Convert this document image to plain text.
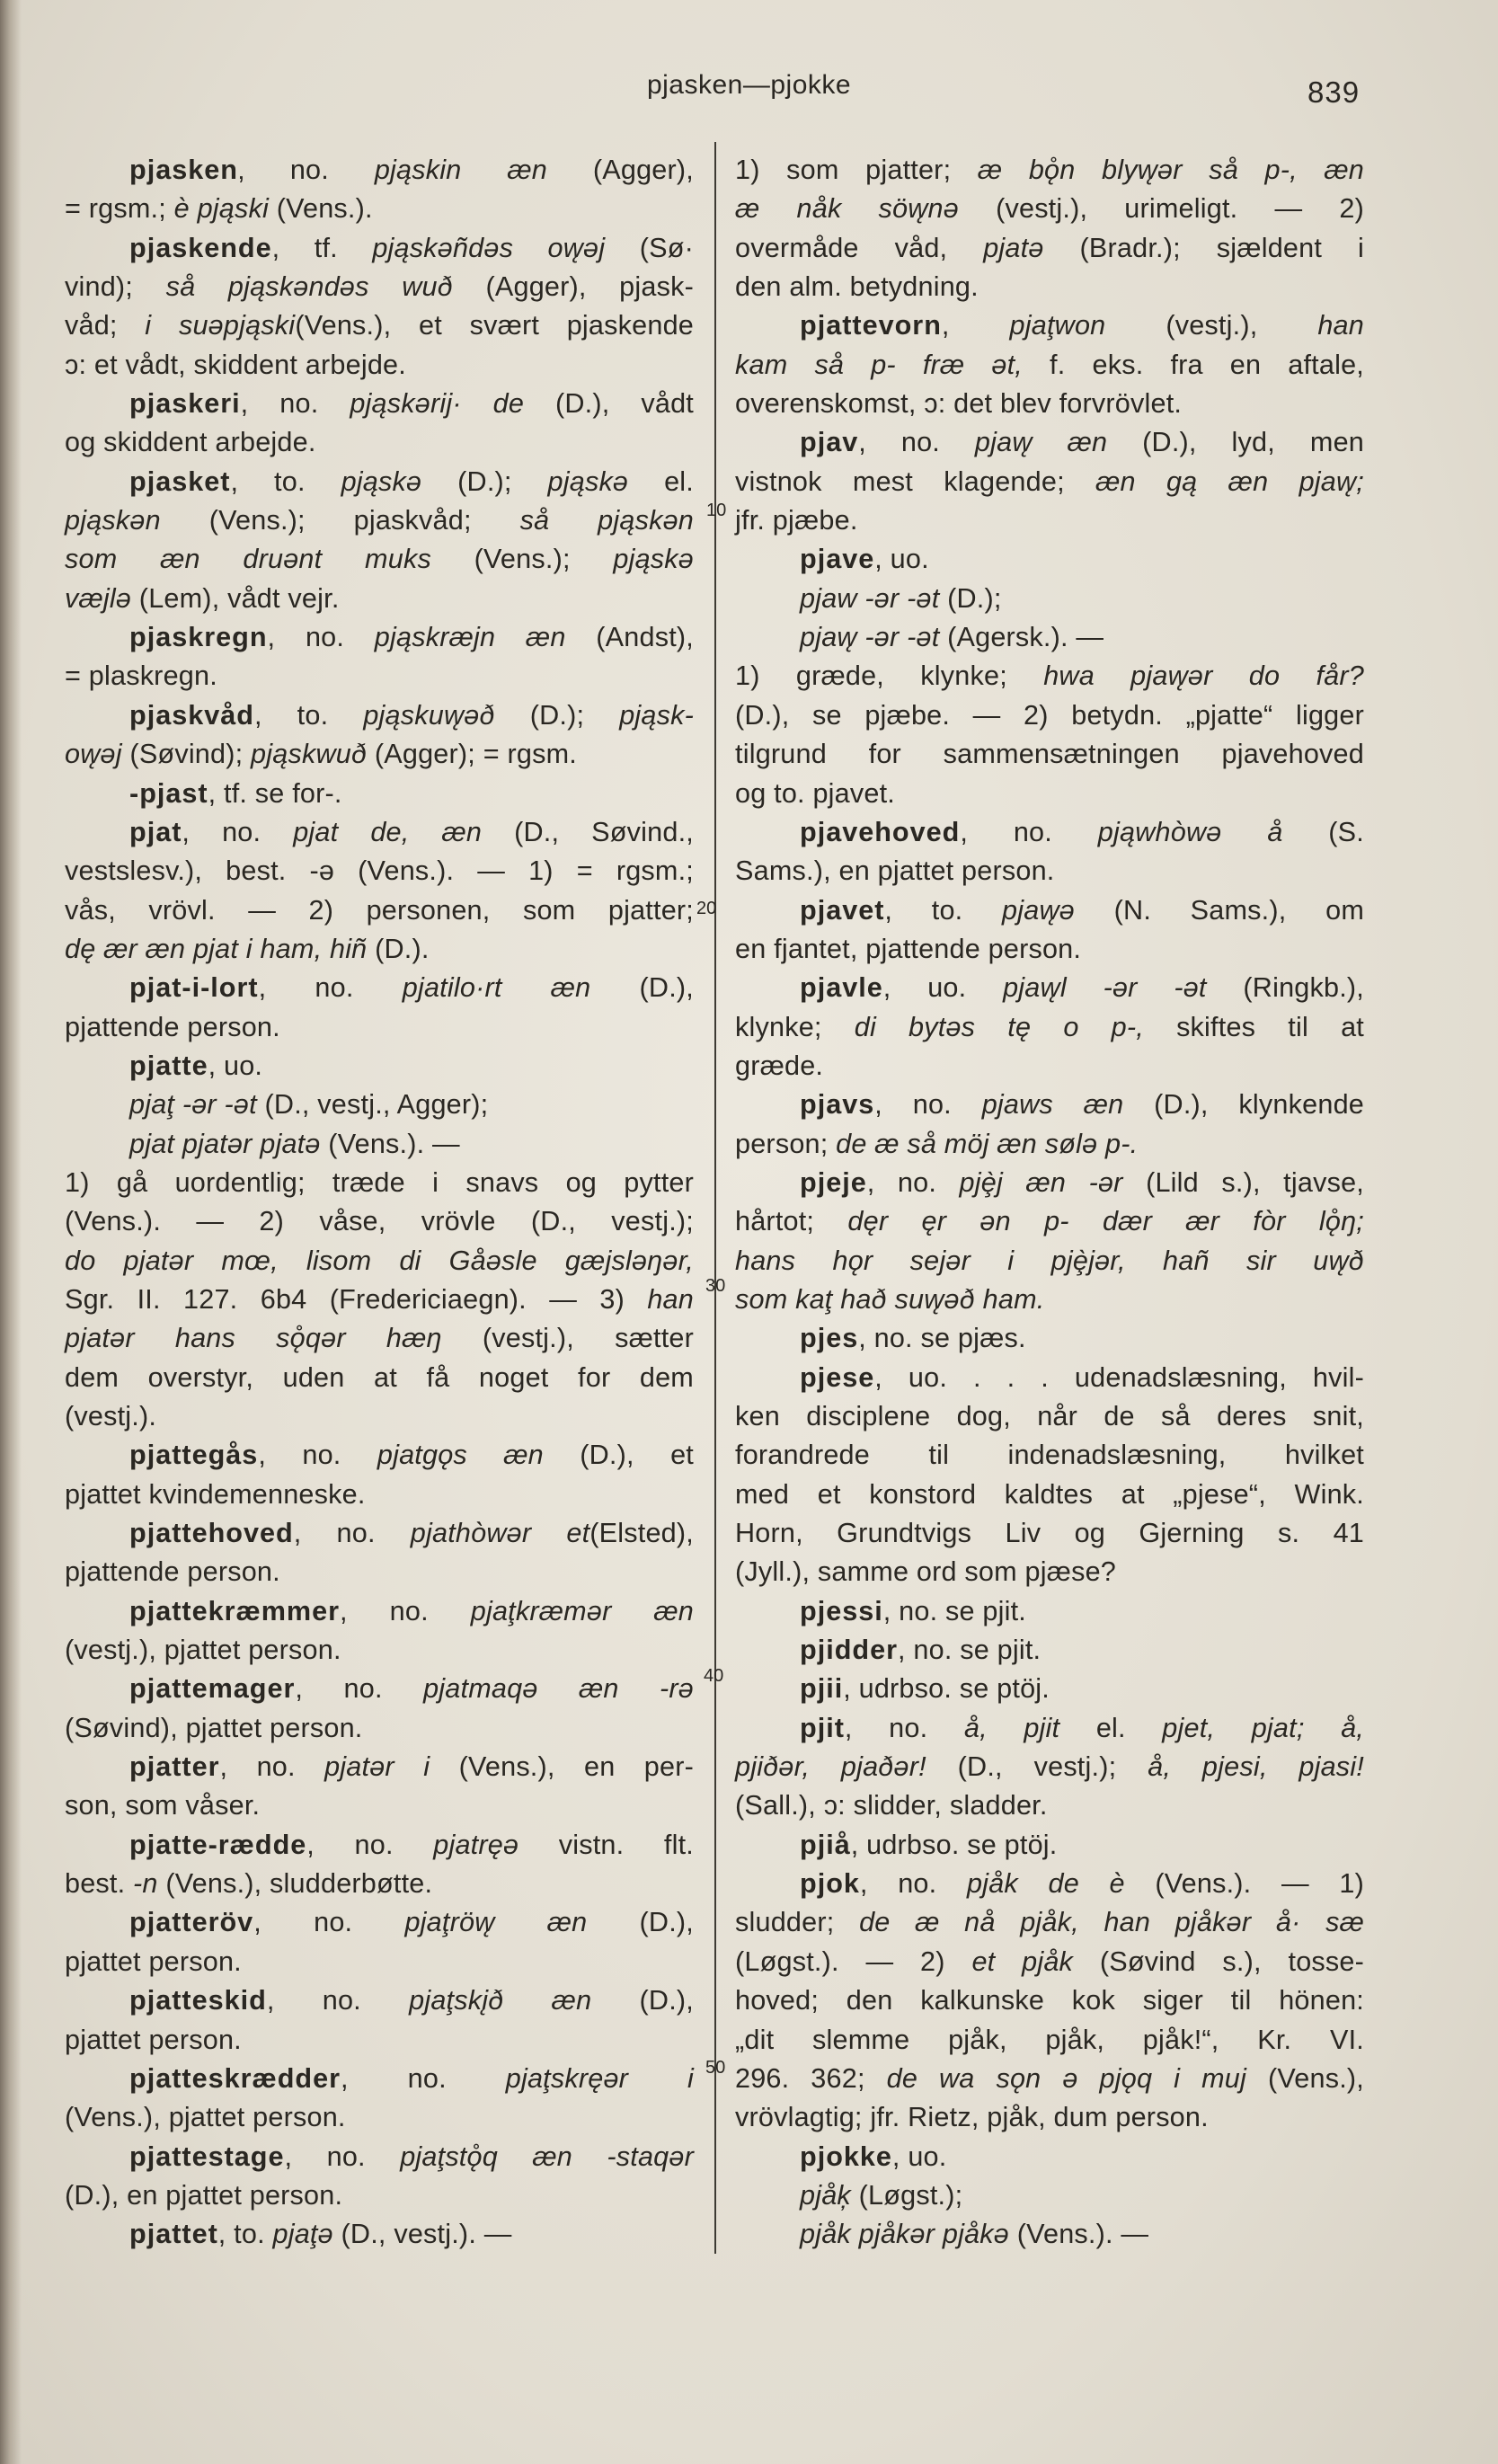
pjasken—pjokke	839
pjasken‚ no. pjąskin æn (Agger),
= rgsm.; è pjąski (Vens.).
pjaskende, tf. pjąskəñdəs ow̨əj (Sø·
vind); så pjąskəndəs wuð (Agger), pjask-
våd; i suəpjąski(Vens.), et svært pjaskende
ɔ: et vådt, skiddent arbejde.
pjaskeri, no. pjąskərij· de (D.), vådt
og skiddent arbejde.
pjasket, to. pjąskə (D.); pjąskə el.
pjąskən (Vens.); pjaskvåd; så pjąskən
som æn druənt muks (Vens.); pjąskə
væjlə (Lem), vådt vejr.
pjaskregn, no. pjąskræjn æn (Andst),
= plaskregn.
pjaskvåd, to. pjąskuw̨əð (D.); pjąsk-
ow̨əj (Søvind); pjąskwuð (Agger); = rgsm.
-pjast, tf. se for-.
pjat, no. pjat de, æn (D., Søvind.,
vestslesv.), best. -ə (Vens.). — 1) = rgsm.;
vås, vrövl. — 2) personen, som pjatter;
dę ær æn pjat i ham, hiñ (D.).
pjat-i-lort, no. pjatilo·rt æn (D.),
pjattende person.
pjatte, uo.
pjaţ -ər -ət (D., vestj., Agger);
pjat pjatər pjatə (Vens.). —
1) gå uordentlig; træde i snavs og pytter
(Vens.). — 2) våse, vrövle (D., vestj.);
do pjatər mœ, lisom di Gåəsle gæjsləŋər,
Sgr. II. 127. 6b4 (Fredericiaegn). — 3) han
pjatər hans sǫ̊qər hæŋ (vestj.), sætter
dem overstyr, uden at få noget for dem
(vestj.).
pjattegås, no. pjatgǫs æn (D.), et
pjattet kvindemenneske.
pjattehoved, no. pjathòwər et(Elsted),
pjattende person.
pjattekræmmer, no. pjaţkræmər æn
(vestj.), pjattet person.
pjattemager, no. pjatmaqə æn -rə
(Søvind), pjattet person.
pjatter, no. pjatər i (Vens.), en per-
son, som våser.
pjatte-rædde, no. pjatręə vistn. flt.
best. -n (Vens.), sludderbøtte.
pjatteröv, no. pjaţröw̨ æn (D.),
pjattet person.
pjatteskid, no. pjaţskįð æn (D.),
pjattet person.
pjatteskrædder, no. pjaţskręər i
(Vens.), pjattet person.
pjattestage, no. pjaţstǫ̊q æn -staqər
(D.), en pjattet person.
pjattet, to. pjaţə (D., vestj.). —
1) som pjatter; æ bǫ̊n blyw̨ər så p-, æn
æ nåk söw̨nə (vestj.), urimeligt. — 2)
overmåde våd, pjatə (Bradr.); sjældent i
den alm. betydning.
pjattevorn, pjaţwon (vestj.), han
kam så p- fræ ət, f. eks. fra en aftale,
overenskomst, ɔ: det blev forvrövlet.
pjav, no. pjaw̨ æn (D.), lyd, men
vistnok mest klagende; æn gą æn pjaw̨;
jfr. pjæbe.
pjave, uo.
pjaw -ər -ət (D.);
pjaw̨ -ər -ət (Agersk.). —
1) græde, klynke; hwa pjaw̨ər do får?
(D.), se pjæbe. — 2) betydn. „pjatte“ ligger
tilgrund for sammensætningen pjavehoved
og to. pjavet.
pjavehoved, no. pjąwhòwə å (S.
Sams.), en pjattet person.
pjavet, to. pjaw̨ə (N. Sams.), om
en fjantet, pjattende person.
pjavle, uo. pjaw̨l -ər -ət (Ringkb.),
klynke; di bytəs tę o p-, skiftes til at
græde.
pjavs, no. pjaws æn (D.), klynkende
person; de æ så möj æn sølə p-.
pjeje, no. pjȩ̀j æn -ər (Lild s.), tjavse,
hårtot; dęr ęr ən p- dær ær fòr lǫ̊ŋ;
hans hǫr sejər i pjȩ̀jər, hañ sir uw̨ð
som kaţ hað suw̨əð ham.
pjes, no. se pjæs.
pjese, uo. . . . udenadslæsning, hvil-
ken disciplene dog, når de så deres snit,
forandrede til indenadslæsning, hvilket
med et konstord kaldtes at „pjese“, Wink.
Horn, Grundtvigs Liv og Gjerning s. 41
(Jyll.), samme ord som pjæse?
pjessi, no. se pjit.
pjidder, no. se pjit.
pjii, udrbso. se ptöj.
pjit, no. å, pjit el. pjet, pjat; å,
pjiðər, pjaðər! (D., vestj.); å, pjesi, pjasi!
(Sall.), ɔ: slidder, sladder.
pjiå, udrbso. se ptöj.
pjok, no. pjåk de è (Vens.). — 1)
sludder; de æ nå pjåk, han pjåkər å· sæ
(Løgst.). — 2) et pjåk (Søvind s.), tosse-
hoved; den kalkunske kok siger til hönen:
„dit slemme pjåk, pjåk, pjåk!“, Kr. VI.
296. 362; de wa sǫn ə pjǫq i muj (Vens.),
vrövlagtig; jfr. Rietz, pjåk, dum person.
pjokke, uo.
pjåķ (Løgst.);
pjåk pjåkər pjåkə (Vens.). —
10
20
30
40
50
